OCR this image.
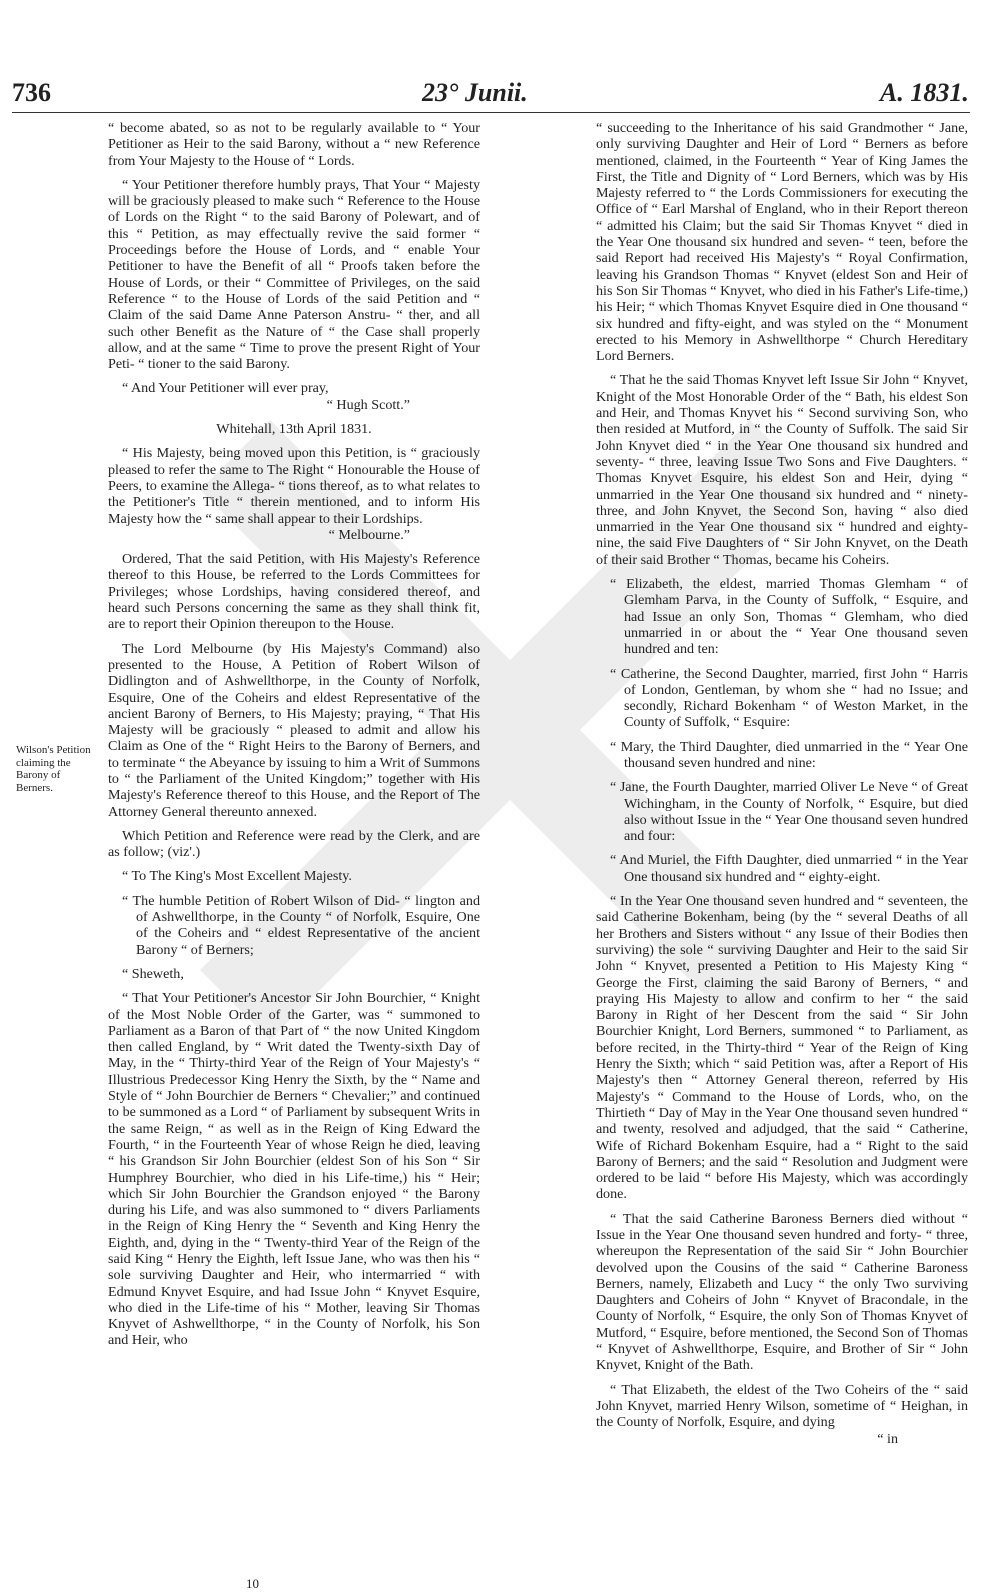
736	23° Junii.	A. 1831.
Wilson's Petition claiming the Barony of Berners.

“ become abated, so as not to be regularly available to “ Your Petitioner as Heir to the said Barony, without a “ new Reference from Your Majesty to the House of “ Lords.

“ Your Petitioner therefore humbly prays, That Your “ Majesty will be graciously pleased to make such “ Reference to the House of Lords on the Right “ to the said Barony of Polewart, and of this “ Petition, as may effectually revive the said former “ Proceedings before the House of Lords, and “ enable Your Petitioner to have the Benefit of all “ Proofs taken before the House of Lords, or their “ Committee of Privileges, on the said Reference “ to the House of Lords of the said Petition and “ Claim of the said Dame Anne Paterson Anstru- “ ther, and all such other Benefit as the Nature of “ the Case shall properly allow, and at the same “ Time to prove the present Right of Your Peti- “ tioner to the said Barony.

“ And Your Petitioner will ever pray,

“ Hugh Scott.”

Whitehall, 13th April 1831.

“ His Majesty, being moved upon this Petition, is “ graciously pleased to refer the same to The Right “ Honourable the House of Peers, to examine the Allega- “ tions thereof, as to what relates to the Petitioner's Title “ therein mentioned, and to inform His Majesty how the “ same shall appear to their Lordships.

“ Melbourne.”

Ordered, That the said Petition, with His Majesty's Reference thereof to this House, be referred to the Lords Committees for Privileges; whose Lordships, having considered thereof, and heard such Persons concerning the same as they shall think fit, are to report their Opinion thereupon to the House.

The Lord Melbourne (by His Majesty's Command) also presented to the House, A Petition of Robert Wilson of Didlington and of Ashwellthorpe, in the County of Norfolk, Esquire, One of the Coheirs and eldest Representative of the ancient Barony of Berners, to His Majesty; praying, “ That His Majesty will be graciously “ pleased to admit and allow his Claim as One of the “ Right Heirs to the Barony of Berners, and to terminate “ the Abeyance by issuing to him a Writ of Summons to “ the Parliament of the United Kingdom;” together with His Majesty's Reference thereof to this House, and the Report of The Attorney General thereunto annexed.

Which Petition and Reference were read by the Clerk, and are as follow; (viz'.)

“ To The King's Most Excellent Majesty.

“ The humble Petition of Robert Wilson of Did- “ lington and of Ashwellthorpe, in the County “ of Norfolk, Esquire, One of the Coheirs and “ eldest Representative of the ancient Barony “ of Berners;

“ Sheweth,

“ That Your Petitioner's Ancestor Sir John Bourchier, “ Knight of the Most Noble Order of the Garter, was “ summoned to Parliament as a Baron of that Part of “ the now United Kingdom then called England, by “ Writ dated the Twenty-sixth Day of May, in the “ Thirty-third Year of the Reign of Your Majesty's “ Illustrious Predecessor King Henry the Sixth, by the “ Name and Style of “ John Bourchier de Berners “ Chevalier;” and continued to be summoned as a Lord “ of Parliament by subsequent Writs in the same Reign, “ as well as in the Reign of King Edward the Fourth, “ in the Fourteenth Year of whose Reign he died, leaving “ his Grandson Sir John Bourchier (eldest Son of his Son “ Sir Humphrey Bourchier, who died in his Life-time,) his “ Heir; which Sir John Bourchier the Grandson enjoyed “ the Barony during his Life, and was also summoned to “ divers Parliaments in the Reign of King Henry the “ Seventh and King Henry the Eighth, and, dying in the “ Twenty-third Year of the Reign of the said King “ Henry the Eighth, left Issue Jane, who was then his “ sole surviving Daughter and Heir, who intermarried “ with Edmund Knyvet Esquire, and had Issue John “ Knyvet Esquire, who died in the Life-time of his “ Mother, leaving Sir Thomas Knyvet of Ashwellthorpe, “ in the County of Norfolk, his Son and Heir, who

“ succeeding to the Inheritance of his said Grandmother “ Jane, only surviving Daughter and Heir of Lord “ Berners as before mentioned, claimed, in the Fourteenth “ Year of King James the First, the Title and Dignity of “ Lord Berners, which was by His Majesty referred to “ the Lords Commissioners for executing the Office of “ Earl Marshal of England, who in their Report thereon “ admitted his Claim; but the said Sir Thomas Knyvet “ died in the Year One thousand six hundred and seven- “ teen, before the said Report had received His Majesty's “ Royal Confirmation, leaving his Grandson Thomas “ Knyvet (eldest Son and Heir of his Son Sir Thomas “ Knyvet, who died in his Father's Life-time,) his Heir; “ which Thomas Knyvet Esquire died in One thousand “ six hundred and fifty-eight, and was styled on the “ Monument erected to his Memory in Ashwellthorpe “ Church Hereditary Lord Berners.

“ That he the said Thomas Knyvet left Issue Sir John “ Knyvet, Knight of the Most Honorable Order of the “ Bath, his eldest Son and Heir, and Thomas Knyvet his “ Second surviving Son, who then resided at Mutford, in “ the County of Suffolk. The said Sir John Knyvet died “ in the Year One thousand six hundred and seventy- “ three, leaving Issue Two Sons and Five Daughters. “ Thomas Knyvet Esquire, his eldest Son and Heir, dying “ unmarried in the Year One thousand six hundred and “ ninety-three, and John Knyvet, the Second Son, having “ also died unmarried in the Year One thousand six “ hundred and eighty-nine, the said Five Daughters of “ Sir John Knyvet, on the Death of their said Brother “ Thomas, became his Coheirs.

“ Elizabeth, the eldest, married Thomas Glemham “ of Glemham Parva, in the County of Suffolk, “ Esquire, and had Issue an only Son, Thomas “ Glemham, who died unmarried in or about the “ Year One thousand seven hundred and ten:

“ Catherine, the Second Daughter, married, first John “ Harris of London, Gentleman, by whom she “ had no Issue; and secondly, Richard Bokenham “ of Weston Market, in the County of Suffolk, “ Esquire:

“ Mary, the Third Daughter, died unmarried in the “ Year One thousand seven hundred and nine:

“ Jane, the Fourth Daughter, married Oliver Le Neve “ of Great Wichingham, in the County of Norfolk, “ Esquire, but died also without Issue in the “ Year One thousand seven hundred and four:

“ And Muriel, the Fifth Daughter, died unmarried “ in the Year One thousand six hundred and “ eighty-eight.

“ In the Year One thousand seven hundred and “ seventeen, the said Catherine Bokenham, being (by the “ several Deaths of all her Brothers and Sisters without “ any Issue of their Bodies then surviving) the sole “ surviving Daughter and Heir to the said Sir John “ Knyvet, presented a Petition to His Majesty King “ George the First, claiming the said Barony of Berners, “ and praying His Majesty to allow and confirm to her “ the said Barony in Right of her Descent from the said “ Sir John Bourchier Knight, Lord Berners, summoned “ to Parliament, as before recited, in the Thirty-third “ Year of the Reign of King Henry the Sixth; which “ said Petition was, after a Report of His Majesty's then “ Attorney General thereon, referred by His Majesty's “ Command to the House of Lords, who, on the Thirtieth “ Day of May in the Year One thousand seven hundred “ and twenty, resolved and adjudged, that the said “ Catherine, Wife of Richard Bokenham Esquire, had a “ Right to the said Barony of Berners; and the said “ Resolution and Judgment were ordered to be laid “ before His Majesty, which was accordingly done.

“ That the said Catherine Baroness Berners died without “ Issue in the Year One thousand seven hundred and forty- “ three, whereupon the Representation of the said Sir “ John Bourchier devolved upon the Cousins of the said “ Catherine Baroness Berners, namely, Elizabeth and Lucy “ the only Two surviving Daughters and Coheirs of John “ Knyvet of Bracondale, in the County of Norfolk, “ Esquire, the only Son of Thomas Knyvet of Mutford, “ Esquire, before mentioned, the Second Son of Thomas “ Knyvet of Ashwellthorpe, Esquire, and Brother of Sir “ John Knyvet, Knight of the Bath.

“ That Elizabeth, the eldest of the Two Coheirs of the “ said John Knyvet, married Henry Wilson, sometime of “ Heighan, in the County of Norfolk, Esquire, and dying

“ in

10
